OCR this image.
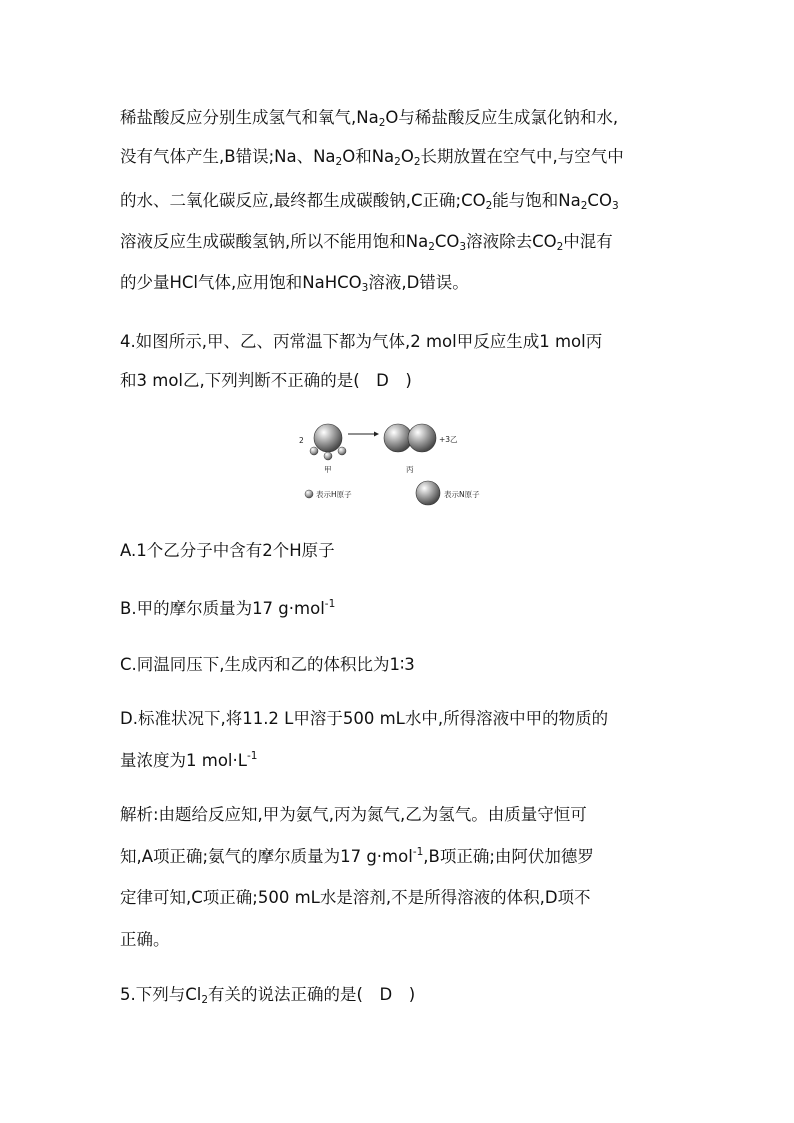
稀盐酸反应分别生成氢气和氧气$,Na_2O$与稀盐酸反应生成氯化钠和水,
没有气体产生,B错误;Na、$Na_2O$和$Na_2O_2$长期放置在空气中,与空气中
的水、二氧化碳反应,最终都生成碳酸钠,C正确$;CO_2$能与饱和$Na_2CO_3$
溶液反应生成碳酸氢钠,所以不能用饱和$Na_2CO_3$溶液除去$CO_2$中混有
的少量HCl气体,应用饱和NaHCO$_3$溶液,D错误。
4.如图所示,甲、乙、丙常温下都为气体,2 mol甲反应生成1 mol丙
和3 mol乙,下列判断不正确的是(　D　)
2
甲
+3乙
丙
表示H原子	表示N原子
A.1个乙分子中含有2个H原子
B.甲的摩尔质量为17 g·mol$^{-1}$
C.同温同压下,生成丙和乙的体积比为1∶3
D.标准状况下,将11.2 L甲溶于500 mL水中,所得溶液中甲的物质的
量浓度为1 $mol\cdot L^{-1}$
解析:由题给反应知,甲为氨气,丙为氮气,乙为氢气。由质量守恒可
知,A项正确;氨气的摩尔质量为17 g·mol$^{-1}$,B项正确;由阿伏加德罗
定律可知,C项正确;500 mL水是溶剂,不是所得溶液的体积,D项不
正确。
5.下列与$Cl_2$有关的说法正确的是(　D　)
